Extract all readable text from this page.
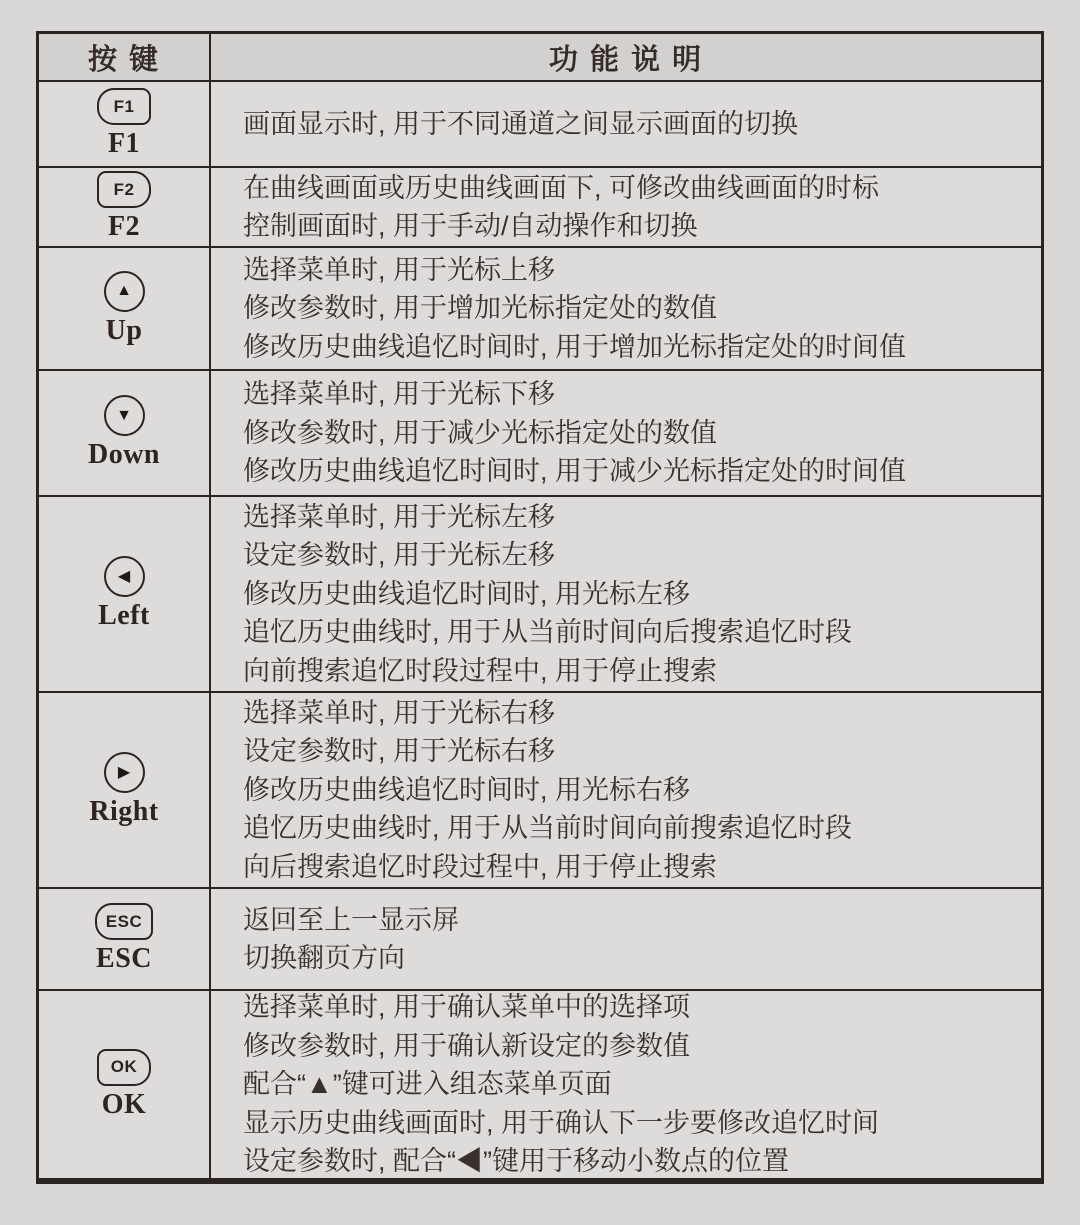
按 键	功 能 说 明
F1
F1
画面显示时, 用于不同通道之间显示画面的切换
F2
F2
在曲线画面或历史曲线画面下, 可修改曲线画面的时标
控制画面时, 用于手动/自动操作和切换
▲
Up
选择菜单时, 用于光标上移
修改参数时, 用于增加光标指定处的数值
修改历史曲线追忆时间时, 用于增加光标指定处的时间值
▼
Down
选择菜单时, 用于光标下移
修改参数时, 用于减少光标指定处的数值
修改历史曲线追忆时间时, 用于减少光标指定处的时间值
◀
Left
选择菜单时, 用于光标左移
设定参数时, 用于光标左移
修改历史曲线追忆时间时, 用光标左移
追忆历史曲线时, 用于从当前时间向后搜索追忆时段
向前搜索追忆时段过程中, 用于停止搜索
▶
Right
选择菜单时, 用于光标右移
设定参数时, 用于光标右移
修改历史曲线追忆时间时, 用光标右移
追忆历史曲线时, 用于从当前时间向前搜索追忆时段
向后搜索追忆时段过程中, 用于停止搜索
ESC
ESC
返回至上一显示屏
切换翻页方向
OK
OK
选择菜单时, 用于确认菜单中的选择项
修改参数时, 用于确认新设定的参数值
配合“▲”键可进入组态菜单页面
显示历史曲线画面时, 用于确认下一步要修改追忆时间
设定参数时, 配合“◀”键用于移动小数点的位置
